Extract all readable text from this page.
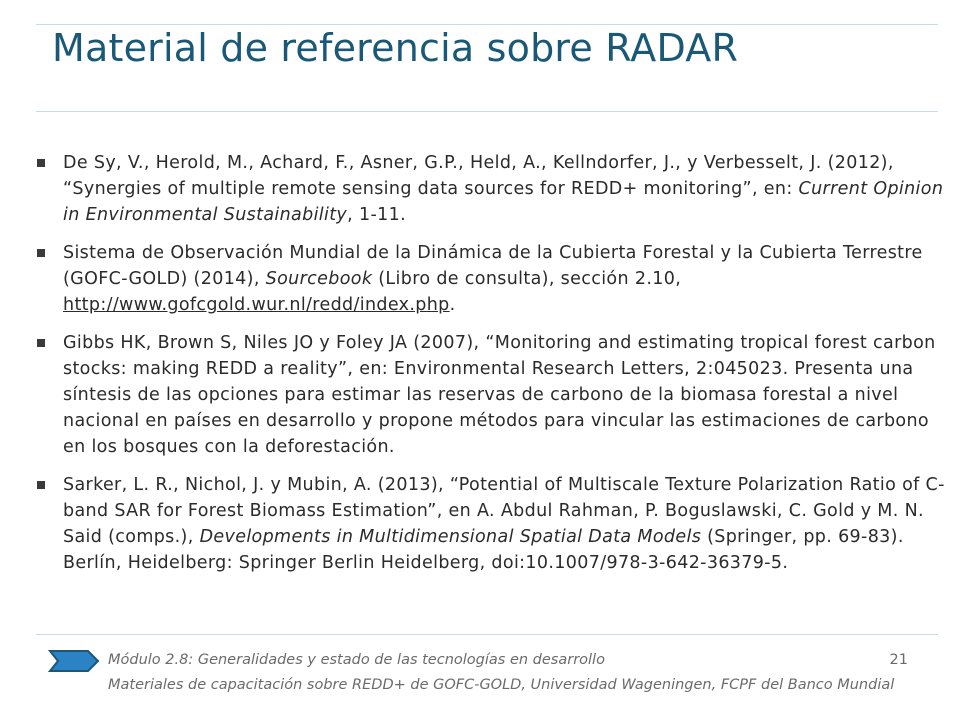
Material de referencia sobre RADAR
De Sy, V., Herold, M., Achard, F., Asner, G.P., Held, A., Kellndorfer, J., y Verbesselt, J. (2012), “Synergies of multiple remote sensing data sources for REDD+ monitoring”, en: Current Opinion in Environmental Sustainability, 1-11.
Sistema de Observación Mundial de la Dinámica de la Cubierta Forestal y la Cubierta Terrestre (GOFC-GOLD) (2014), Sourcebook (Libro de consulta), sección 2.10, http://www.gofcgold.wur.nl/redd/index.php.
Gibbs HK, Brown S, Niles JO y Foley JA (2007), “Monitoring and estimating tropical forest carbon stocks: making REDD a reality”, en: Environmental Research Letters, 2:045023. Presenta una síntesis de las opciones para estimar las reservas de carbono de la biomasa forestal a nivel nacional en países en desarrollo y propone métodos para vincular las estimaciones de carbono en los bosques con la deforestación.
Sarker, L. R., Nichol, J. y Mubin, A. (2013), “Potential of Multiscale Texture Polarization Ratio of C-band SAR for Forest Biomass Estimation”, en A. Abdul Rahman, P. Boguslawski, C. Gold y M. N. Said (comps.), Developments in Multidimensional Spatial Data Models (Springer, pp. 69-83). Berlín, Heidelberg: Springer Berlin Heidelberg, doi:10.1007/978-3-642-36379-5.
Módulo 2.8: Generalidades y estado de las tecnologías en desarrollo	21
Materiales de capacitación sobre REDD+ de GOFC-GOLD, Universidad Wageningen, FCPF del Banco Mundial
